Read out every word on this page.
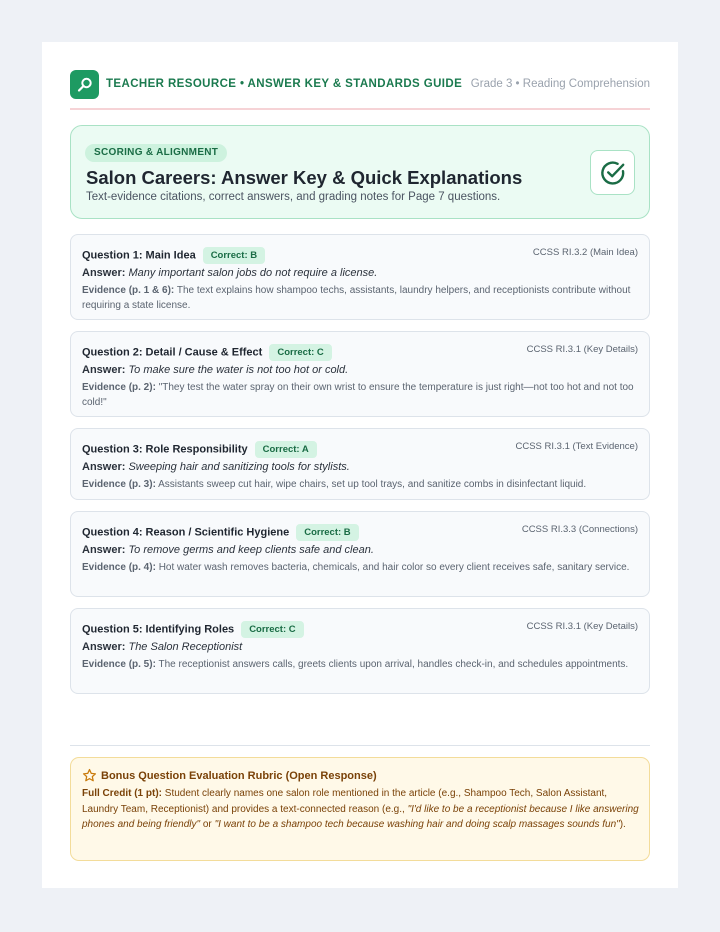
TEACHER RESOURCE • ANSWER KEY & STANDARDS GUIDE Grade 3 • Reading Comprehension
SCORING & ALIGNMENT
Salon Careers: Answer Key & Quick Explanations
Text-evidence citations, correct answers, and grading notes for Page 7 questions.
Question 1: Main Idea Correct: B	CCSS RI.3.2 (Main Idea)
Answer: Many important salon jobs do not require a license.
Evidence (p. 1 & 6): The text explains how shampoo techs, assistants, laundry helpers, and receptionists contribute without requiring a state license.
Question 2: Detail / Cause & Effect Correct: C	CCSS RI.3.1 (Key Details)
Answer: To make sure the water is not too hot or cold.
Evidence (p. 2): "They test the water spray on their own wrist to ensure the temperature is just right—not too hot and not too cold!"
Question 3: Role Responsibility Correct: A	CCSS RI.3.1 (Text Evidence)
Answer: Sweeping hair and sanitizing tools for stylists.
Evidence (p. 3): Assistants sweep cut hair, wipe chairs, set up tool trays, and sanitize combs in disinfectant liquid.
Question 4: Reason / Scientific Hygiene Correct: B	CCSS RI.3.3 (Connections)
Answer: To remove germs and keep clients safe and clean.
Evidence (p. 4): Hot water wash removes bacteria, chemicals, and hair color so every client receives safe, sanitary service.
Question 5: Identifying Roles Correct: C	CCSS RI.3.1 (Key Details)
Answer: The Salon Receptionist
Evidence (p. 5): The receptionist answers calls, greets clients upon arrival, handles check-in, and schedules appointments.
Bonus Question Evaluation Rubric (Open Response)
Full Credit (1 pt): Student clearly names one salon role mentioned in the article (e.g., Shampoo Tech, Salon Assistant, Laundry Team, Receptionist) and provides a text-connected reason (e.g., "I'd like to be a receptionist because I like answering phones and being friendly" or "I want to be a shampoo tech because washing hair and doing scalp massages sounds fun").
